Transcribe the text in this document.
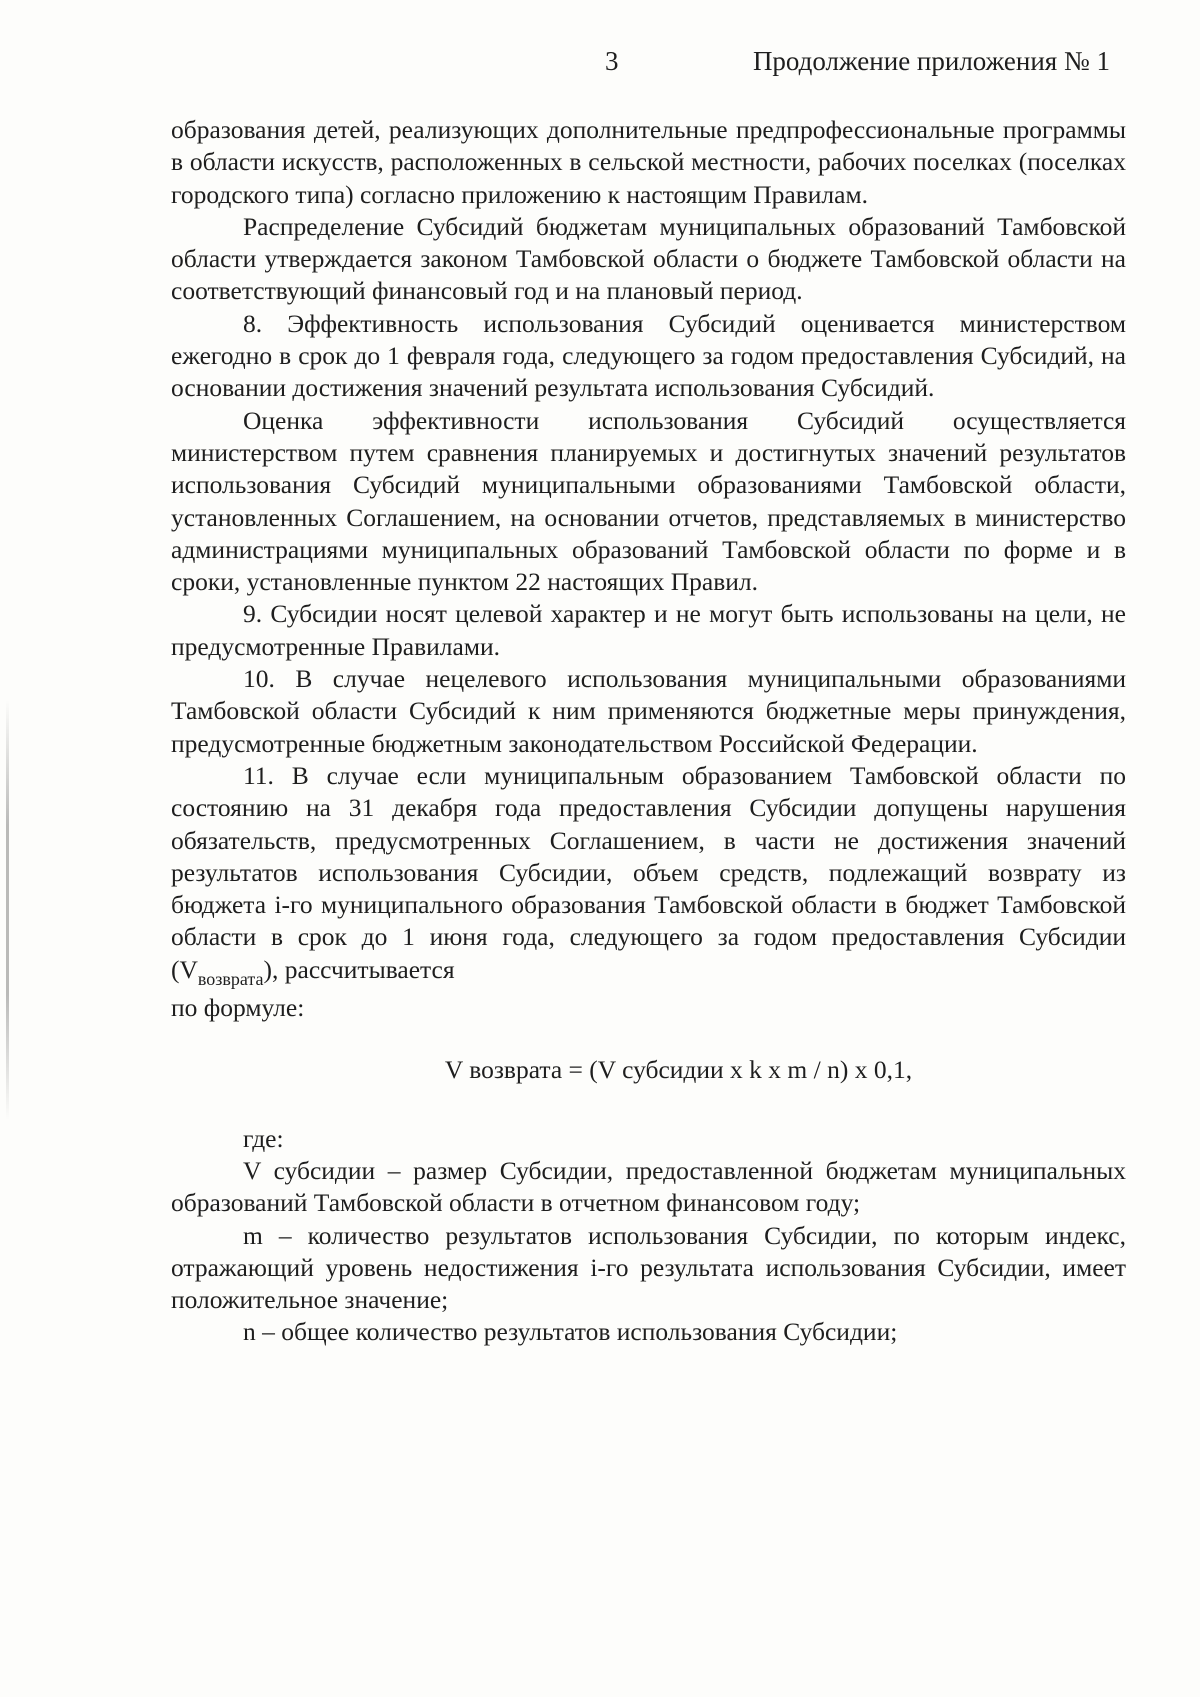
3	Продолжение приложения № 1

образования детей, реализующих дополнительные предпрофессиональные программы в области искусств, расположенных в сельской местности, рабочих поселках (поселках городского типа) согласно приложению к настоящим Правилам.

Распределение Субсидий бюджетам муниципальных образований Тамбовской области утверждается законом Тамбовской области о бюджете Тамбовской области на соответствующий финансовый год и на плановый период.

8. Эффективность использования Субсидий оценивается министерством ежегодно в срок до 1 февраля года, следующего за годом предоставления Субсидий, на основании достижения значений результата использования Субсидий.

Оценка эффективности использования Субсидий осуществляется министерством путем сравнения планируемых и достигнутых значений результатов использования Субсидий муниципальными образованиями Тамбовской области, установленных Соглашением, на основании отчетов, представляемых в министерство администрациями муниципальных образований Тамбовской области по форме и в сроки, установленные пунктом 22 настоящих Правил.

9. Субсидии носят целевой характер и не могут быть использованы на цели, не предусмотренные Правилами.

10. В случае нецелевого использования муниципальными образованиями Тамбовской области Субсидий к ним применяются бюджетные меры принуждения, предусмотренные бюджетным законодательством Российской Федерации.

11. В случае если муниципальным образованием Тамбовской области по состоянию на 31 декабря года предоставления Субсидии допущены нарушения обязательств, предусмотренных Соглашением, в части не достижения значений результатов использования Субсидии, объем средств, подлежащий возврату из бюджета i-го муниципального образования Тамбовской области в бюджет Тамбовской области в срок до 1 июня года, следующего за годом предоставления Субсидии $(V_{возврата})$, рассчитывается

по формуле:

V возврата = (V субсидии x k x m / n) x 0,1,

где:

V субсидии – размер Субсидии, предоставленной бюджетам муниципальных образований Тамбовской области в отчетном финансовом году;

m – количество результатов использования Субсидии, по которым индекс, отражающий уровень недостижения i-го результата использования Субсидии, имеет положительное значение;

n – общее количество результатов использования Субсидии;
